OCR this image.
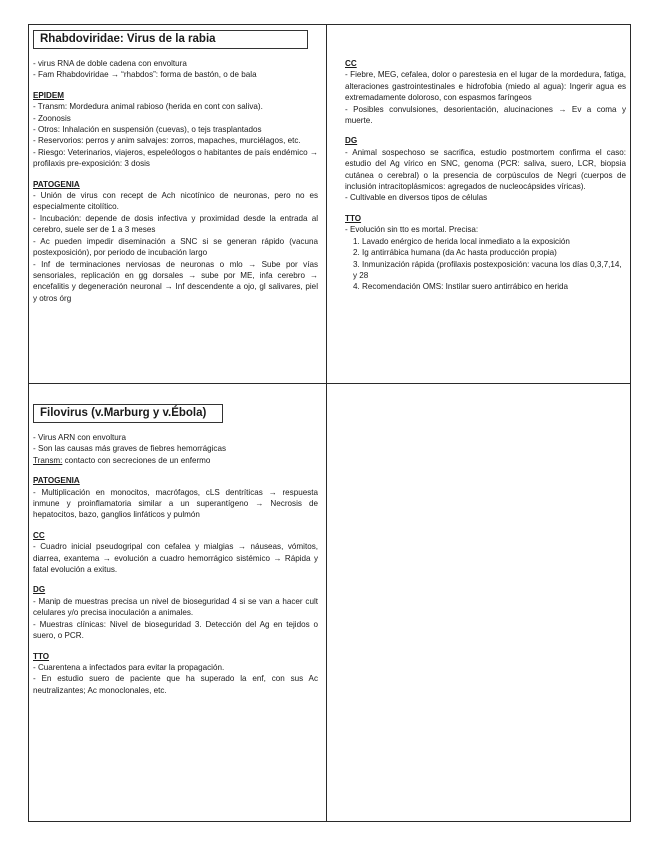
Rhabdoviridae: Virus de la rabia

- virus RNA de doble cadena con envoltura

- Fam Rhabdoviridae → “rhabdos”: forma de bastón, o de bala

EPIDEM

- Transm: Mordedura animal rabioso (herida en cont con saliva).

- Zoonosis

- Otros: Inhalación en suspensión (cuevas), o tejs trasplantados

- Reservorios: perros y anim salvajes: zorros, mapaches, murciélagos, etc.

- Riesgo: Veterinarios, viajeros, espeleólogos o habitantes de país endémico → profilaxis pre-exposición: 3 dosis

PATOGENIA

- Unión de virus con recept de Ach nicotínico de neuronas, pero no es especialmente citolítico.

- Incubación: depende de dosis infectiva y proximidad desde la entrada al cerebro, suele ser de 1 a 3 meses

- Ac pueden impedir diseminación a SNC si se generan rápido (vacuna postexposición), por periodo de incubación largo

- Inf de terminaciones nerviosas de neuronas o mlo → Sube por vías sensoriales, replicación en gg dorsales → sube por ME, infa cerebro → encefalitis y degeneración neuronal → Inf descendente a ojo, gl salivares, piel y otros órg

CC

- Fiebre, MEG, cefalea, dolor o parestesia en el lugar de la mordedura, fatiga, alteraciones gastrointestinales e hidrofobia (miedo al agua): Ingerir agua es extremadamente doloroso, con espasmos faríngeos

- Posibles convulsiones, desorientación, alucinaciones → Ev a coma y muerte.

DG

- Animal sospechoso se sacrifica, estudio postmortem confirma el caso: estudio del Ag vírico en SNC, genoma (PCR: saliva, suero, LCR, biopsia cutánea o cerebral) o la presencia de corpúsculos de Negri (cuerpos de inclusión intracitoplásmicos: agregados de nucleocápsides víricas).

- Cultivable en diversos tipos de células

TTO

- Evolución sin tto es mortal. Precisa:

1. Lavado enérgico de herida local inmediato a la exposición

2. Ig antirrábica humana (da Ac hasta producción propia)

3. Inmunización rápida (profilaxis postexposición: vacuna los días 0,3,7,14, y 28

4. Recomendación OMS: Instilar suero antirrábico en herida

Filovirus (v.Marburg y v.Ébola)

- Virus ARN con envoltura

- Son las causas más graves de fiebres hemorrágicas

Transm: contacto con secreciones de un enfermo

PATOGENIA

- Multiplicación en monocitos, macrófagos, cLS dentríticas → respuesta inmune y proinflamatoria similar a un superantígeno → Necrosis de hepatocitos, bazo, ganglios linfáticos y pulmón

CC

- Cuadro inicial pseudogripal con cefalea y mialgias → náuseas, vómitos, diarrea, exantema → evolución a cuadro hemorrágico sistémico → Rápida y fatal evolución a exitus.

DG

- Manip de muestras precisa un nivel de bioseguridad 4 si se van a hacer cult celulares y/o precisa inoculación a animales.

- Muestras clínicas: Nivel de bioseguridad 3. Detección del Ag en tejidos o suero, o PCR.

TTO

- Cuarentena a infectados para evitar la propagación.

- En estudio suero de paciente que ha superado la enf, con sus Ac neutralizantes; Ac monoclonales, etc.
